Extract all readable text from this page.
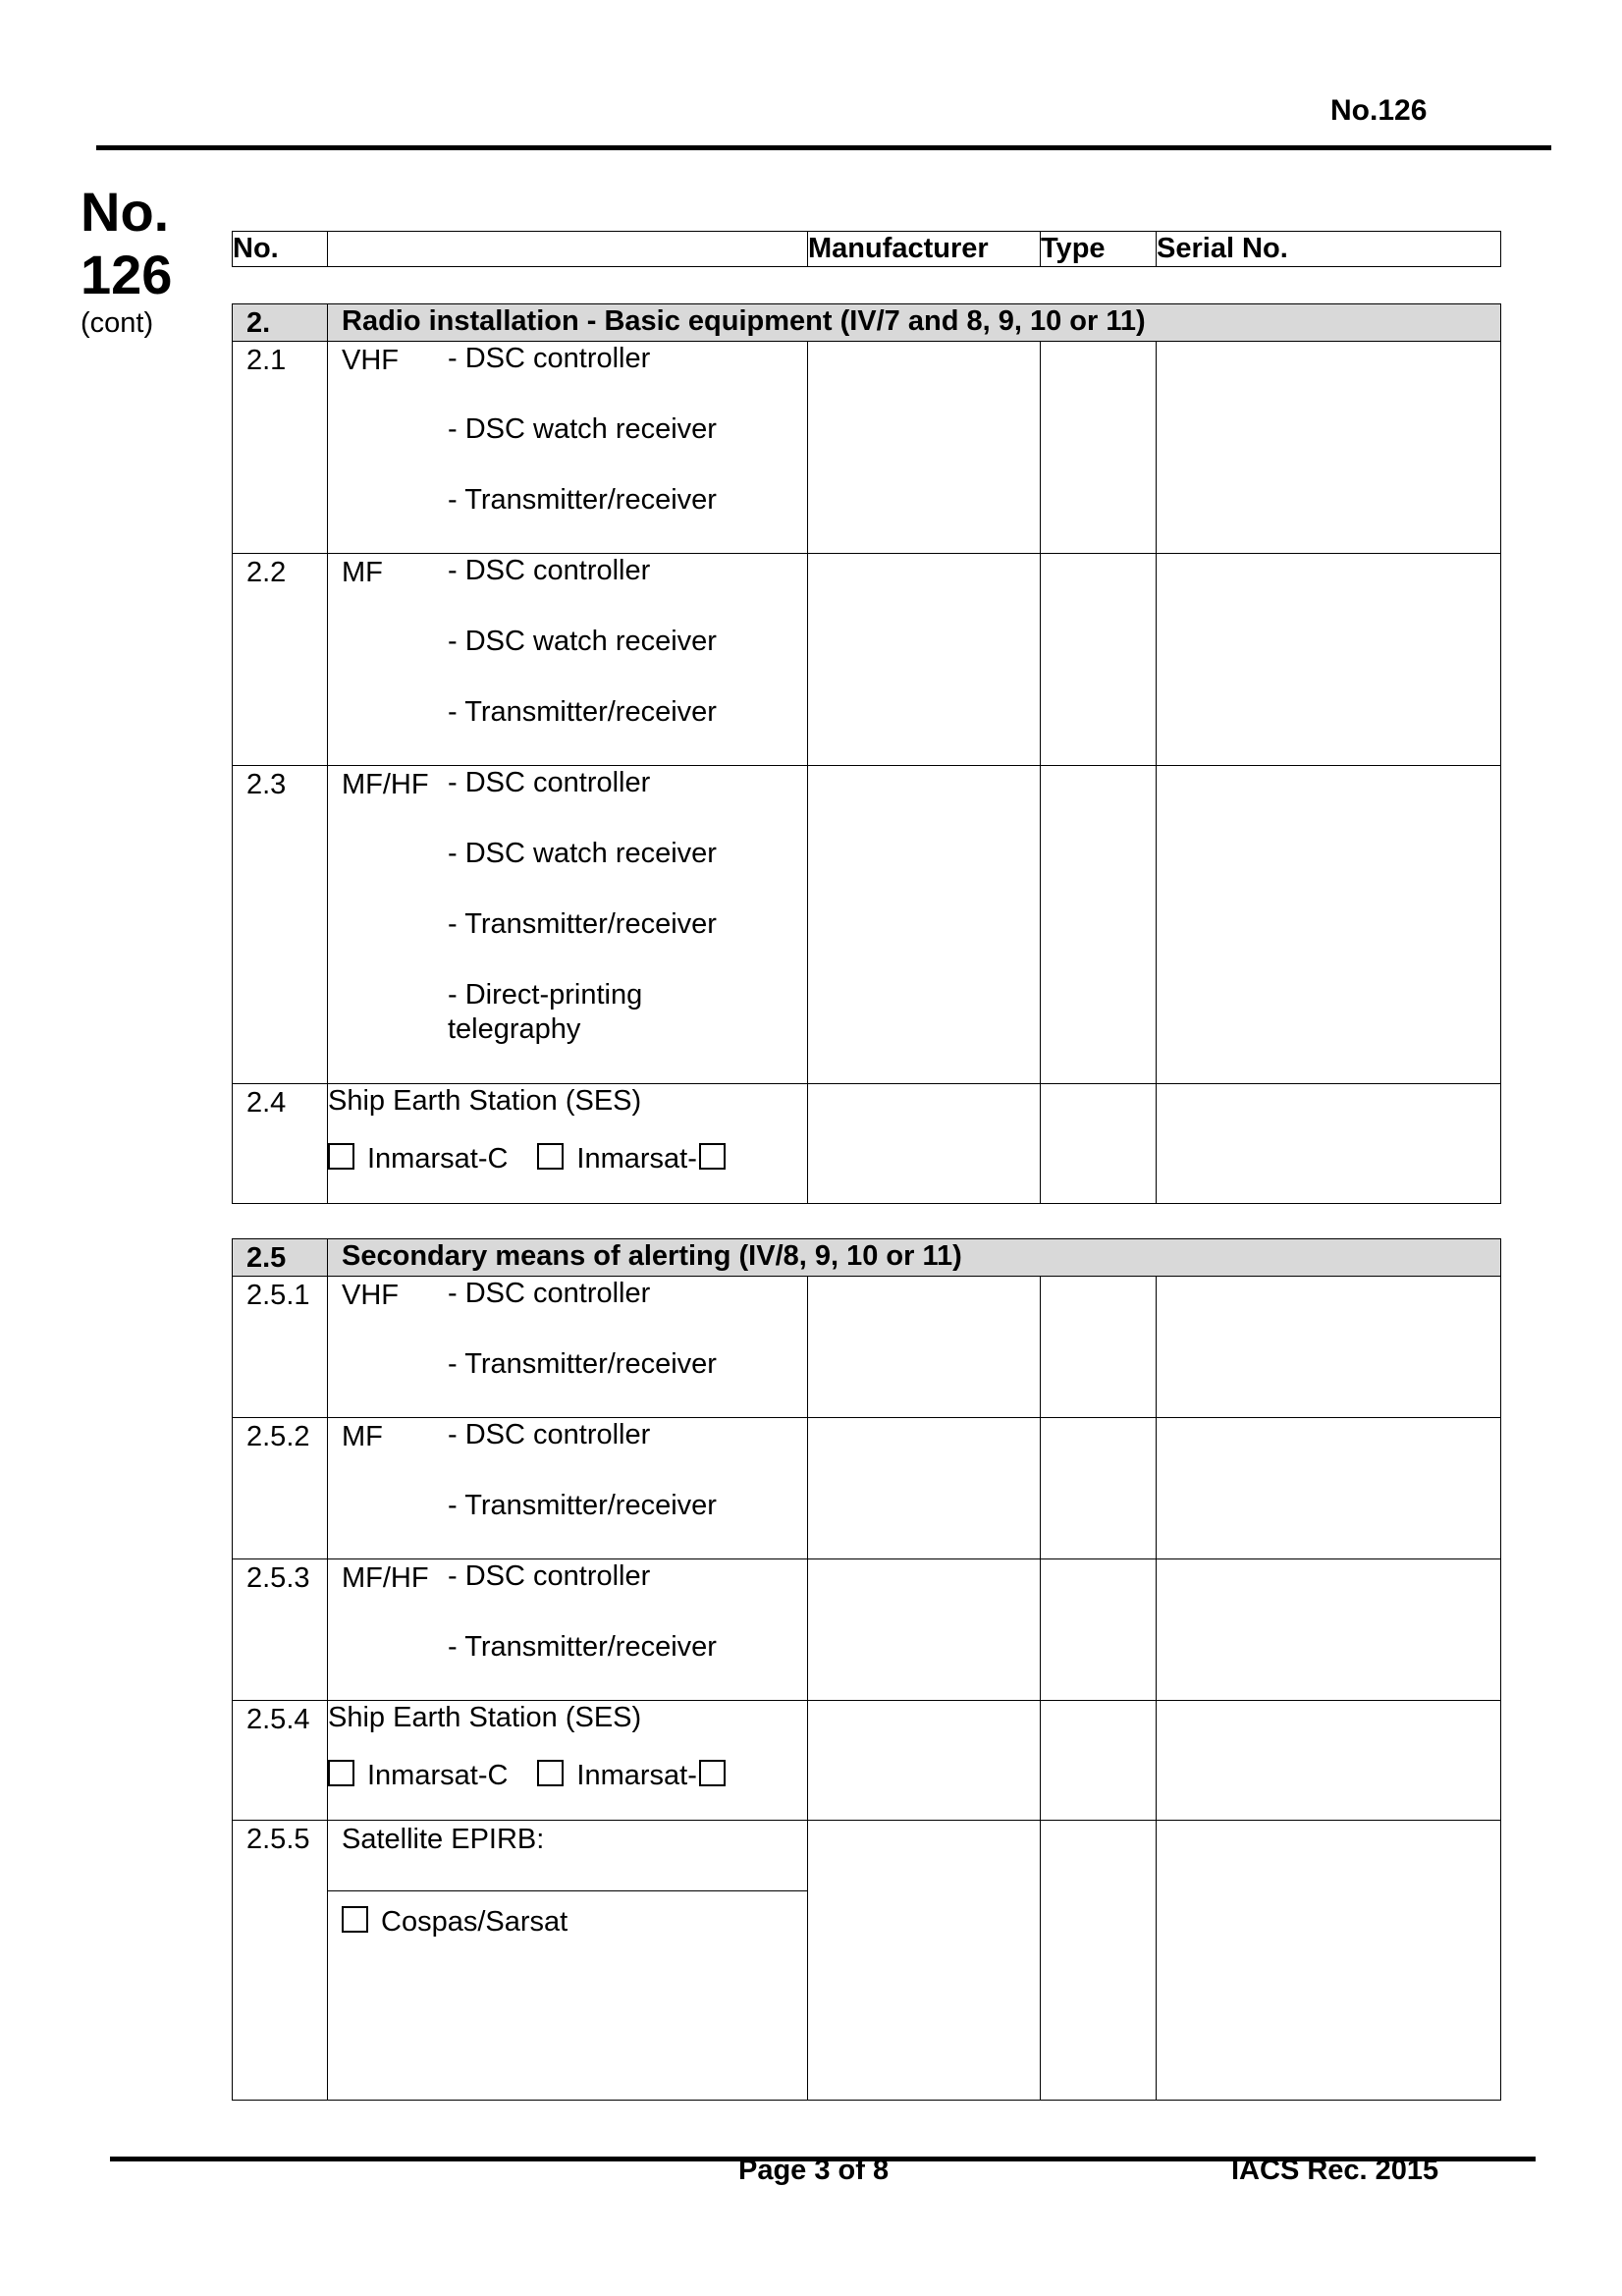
No.126
No.
126
(cont)
No.		Manufacturer	Type	Serial No.
2.	Radio installation - Basic equipment (IV/7 and 8, 9, 10 or 11)			
2.1	VHF - DSC controller
- DSC watch receiver
- Transmitter/receiver			

2.2	MF - DSC controller
- DSC watch receiver
- Transmitter/receiver			

2.3	MF/HF - DSC controller
- DSC watch receiver
- Transmitter/receiver
- Direct-printing telegraphy			

2.4	Ship Earth Station (SES)
Inmarsat-C Inmarsat-			

2.5	Secondary means of alerting (IV/8, 9, 10 or 11)			
2.5.1	VHF - DSC controller
- Transmitter/receiver			

2.5.2	MF - DSC controller
- Transmitter/receiver			

2.5.3	MF/HF - DSC controller
- Transmitter/receiver			

2.5.4	Ship Earth Station (SES)
Inmarsat-C Inmarsat-			

2.5.5	Satellite EPIRB:
Cospas/Sarsat			

Page 3 of 8	IACS Rec. 2015
